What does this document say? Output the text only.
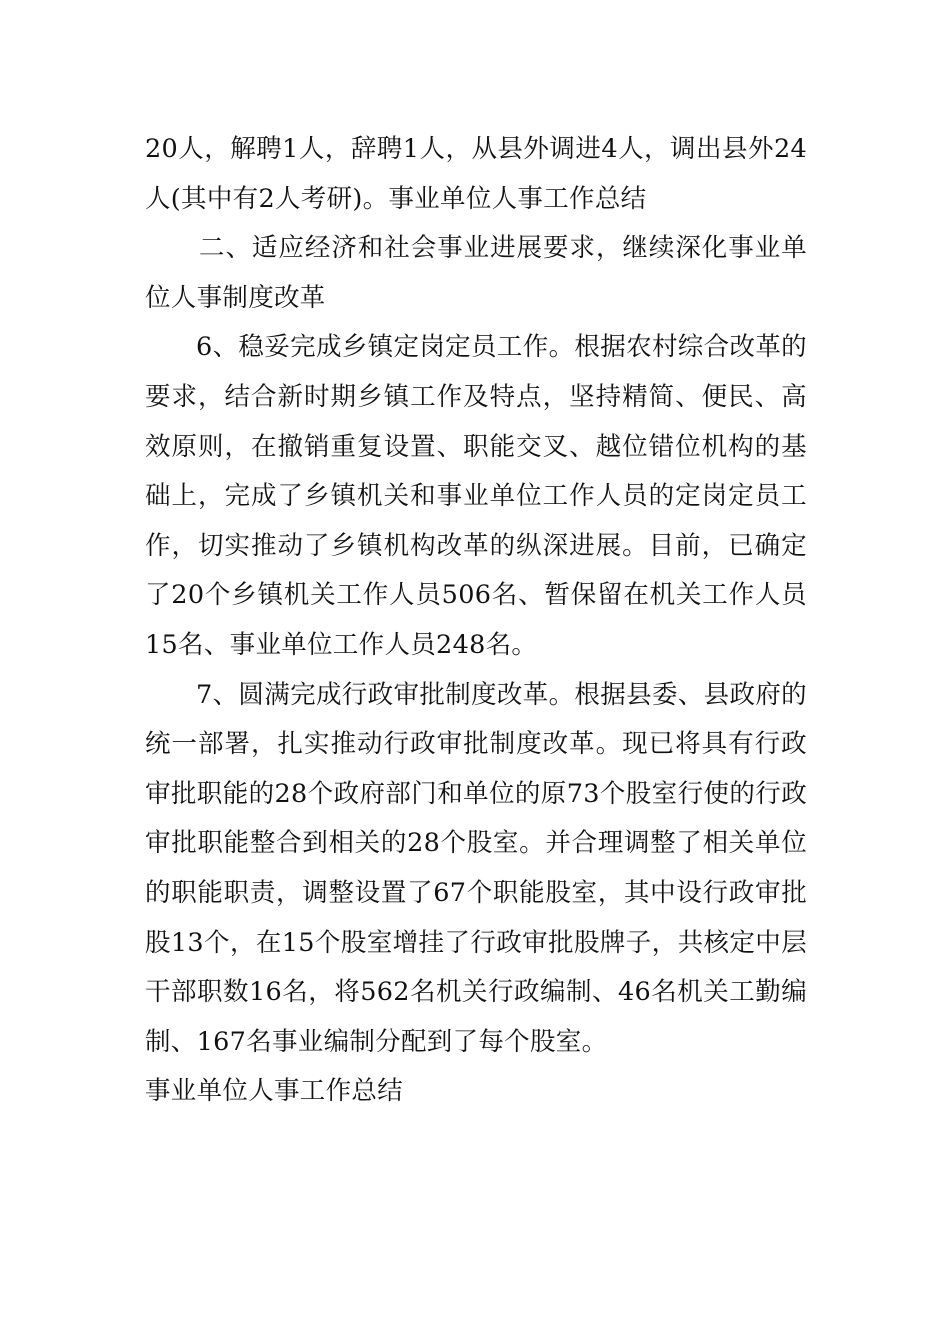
20人，解聘1人，辞聘1人，从县外调进4人，调出县外24人(其中有2人考研)。事业单位人事工作总结

二、适应经济和社会事业进展要求，继续深化事业单位人事制度改革

6、稳妥完成乡镇定岗定员工作。根据农村综合改革的要求，结合新时期乡镇工作及特点，坚持精简、便民、高效原则，在撤销重复设置、职能交叉、越位错位机构的基础上，完成了乡镇机关和事业单位工作人员的定岗定员工作，切实推动了乡镇机构改革的纵深进展。目前，已确定了20个乡镇机关工作人员506名、暂保留在机关工作人员15名、事业单位工作人员248名。

7、圆满完成行政审批制度改革。根据县委、县政府的统一部署，扎实推动行政审批制度改革。现已将具有行政审批职能的28个政府部门和单位的原73个股室行使的行政审批职能整合到相关的28个股室。并合理调整了相关单位的职能职责，调整设置了67个职能股室，其中设行政审批股13个，在15个股室增挂了行政审批股牌子，共核定中层干部职数16名，将562名机关行政编制、46名机关工勤编制、167名事业编制分配到了每个股室。

事业单位人事工作总结
